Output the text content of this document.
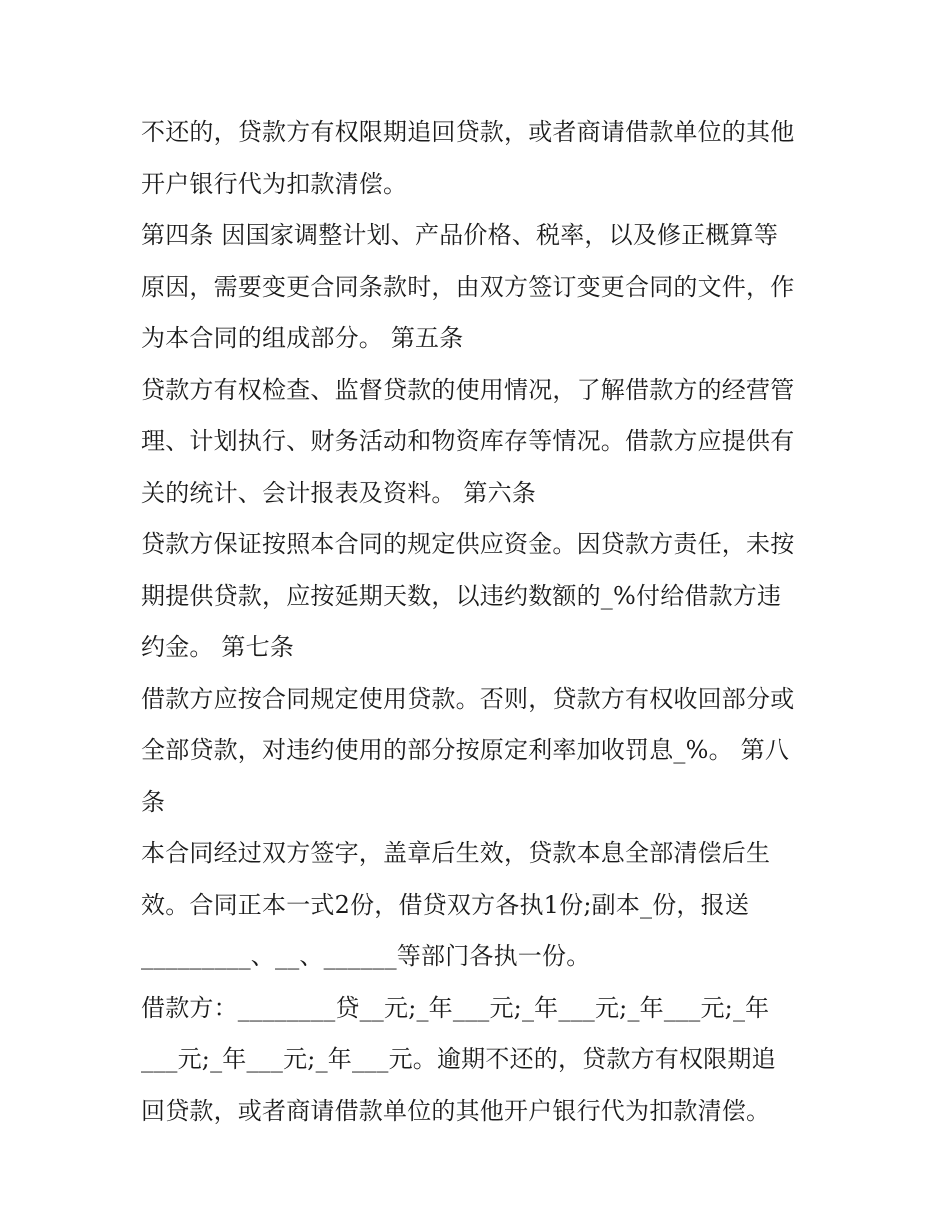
不还的，贷款方有权限期追回贷款，或者商请借款单位的其他
开户银行代为扣款清偿。
第四条 因国家调整计划、产品价格、税率，以及修正概算等
原因，需要变更合同条款时，由双方签订变更合同的文件，作
为本合同的组成部分。 第五条
贷款方有权检查、监督贷款的使用情况，了解借款方的经营管
理、计划执行、财务活动和物资库存等情况。借款方应提供有
关的统计、会计报表及资料。 第六条
贷款方保证按照本合同的规定供应资金。因贷款方责任，未按
期提供贷款，应按延期天数，以违约数额的_%付给借款方违
约金。 第七条
借款方应按合同规定使用贷款。否则，贷款方有权收回部分或
全部贷款，对违约使用的部分按原定利率加收罚息_%。 第八
条
本合同经过双方签字，盖章后生效，贷款本息全部清偿后生
效。合同正本一式2份，借贷双方各执1份;副本_份，报送
_________、__、______等部门各执一份。
借款方：________贷__元;_年___元;_年___元;_年___元;_年
___元;_年___元;_年___元。逾期不还的，贷款方有权限期追
回贷款，或者商请借款单位的其他开户银行代为扣款清偿。
